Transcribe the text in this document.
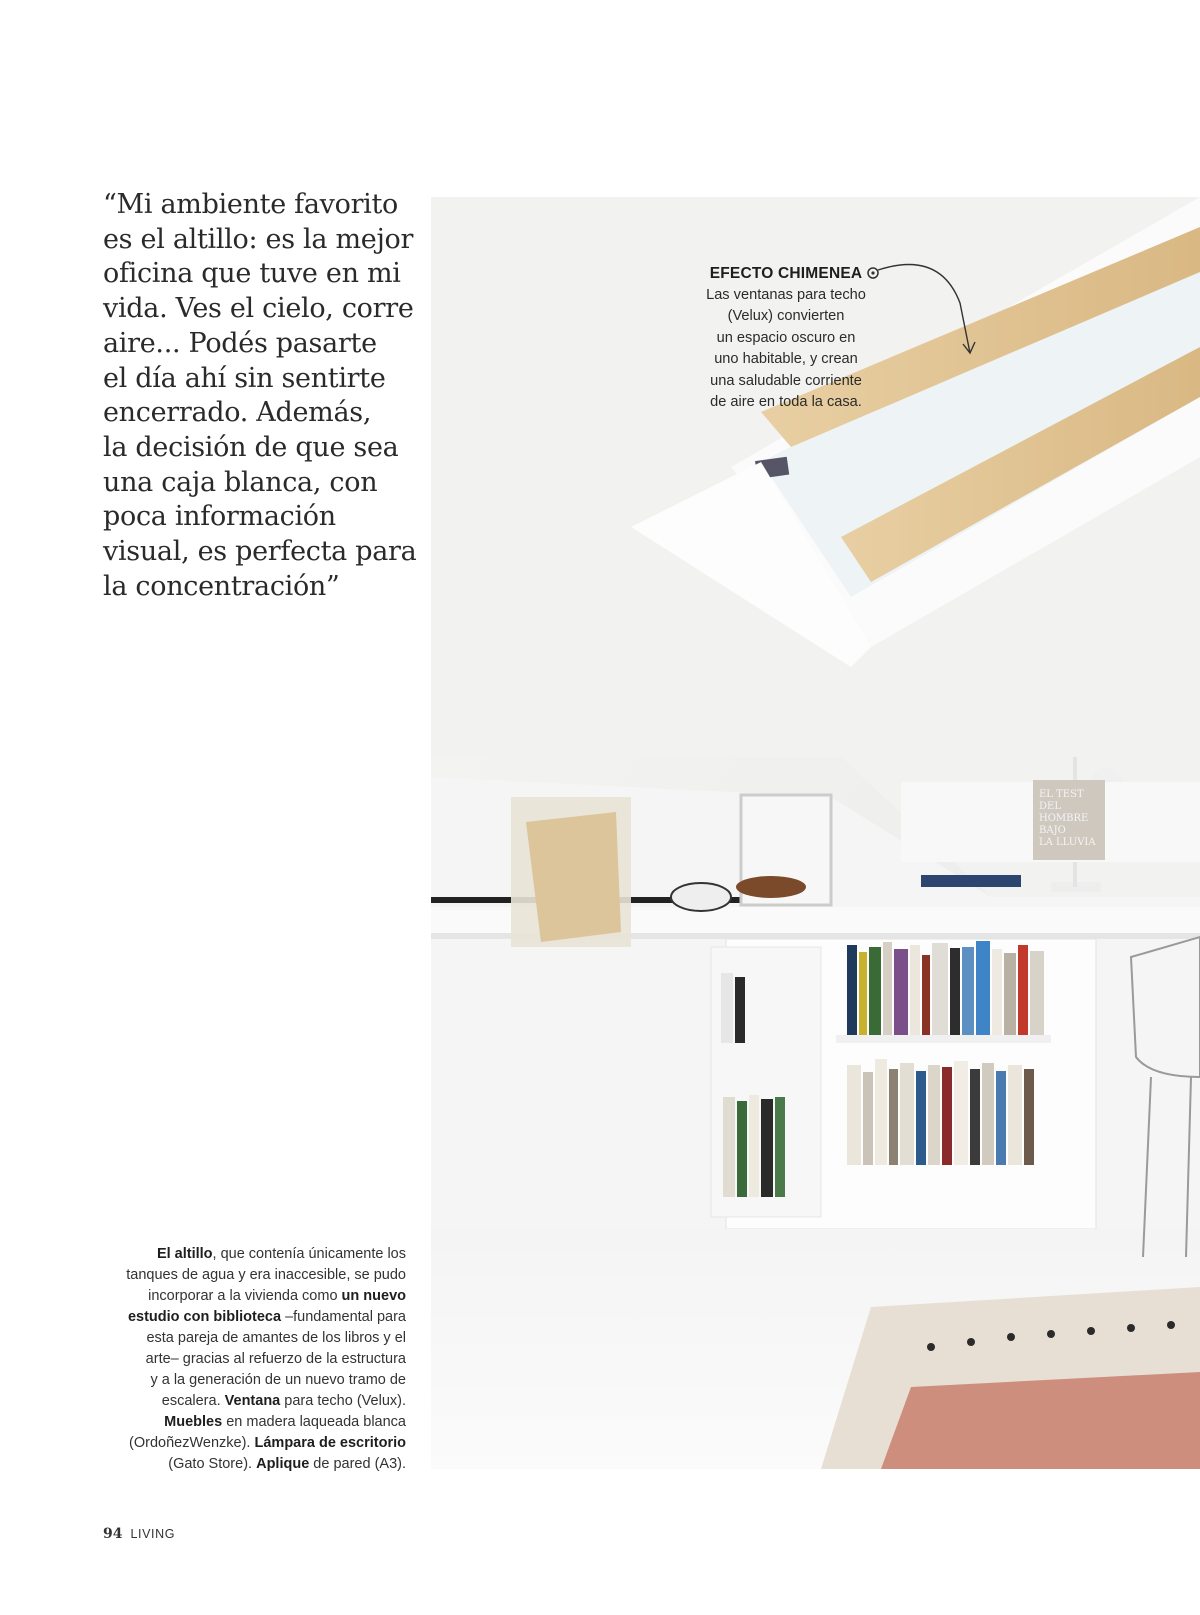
“Mi ambiente favorito
es el altillo: es la mejor
oficina que tuve en mi
vida. Ves el cielo, corre
aire... Podés pasarte
el día ahí sin sentirte
encerrado. Además,
la decisión de que sea
una caja blanca, con
poca información
visual, es perfecta para
la concentración”
EL TEST
DEL
HOMBRE
BAJO
LA LLUVIA
EFECTO CHIMENEA
Las ventanas para techo
(Velux) convierten
un espacio oscuro en
uno habitable, y crean
una saludable corriente
de aire en toda la casa.
El altillo, que contenía únicamente los
tanques de agua y era inaccesible, se pudo
incorporar a la vivienda como un nuevo
estudio con biblioteca –fundamental para
esta pareja de amantes de los libros y el
arte– gracias al refuerzo de la estructura
y a la generación de un nuevo tramo de
escalera. Ventana para techo (Velux).
Muebles en madera laqueada blanca
(OrdoñezWenzke). Lámpara de escritorio
(Gato Store). Aplique de pared (A3).
94 LIVING
